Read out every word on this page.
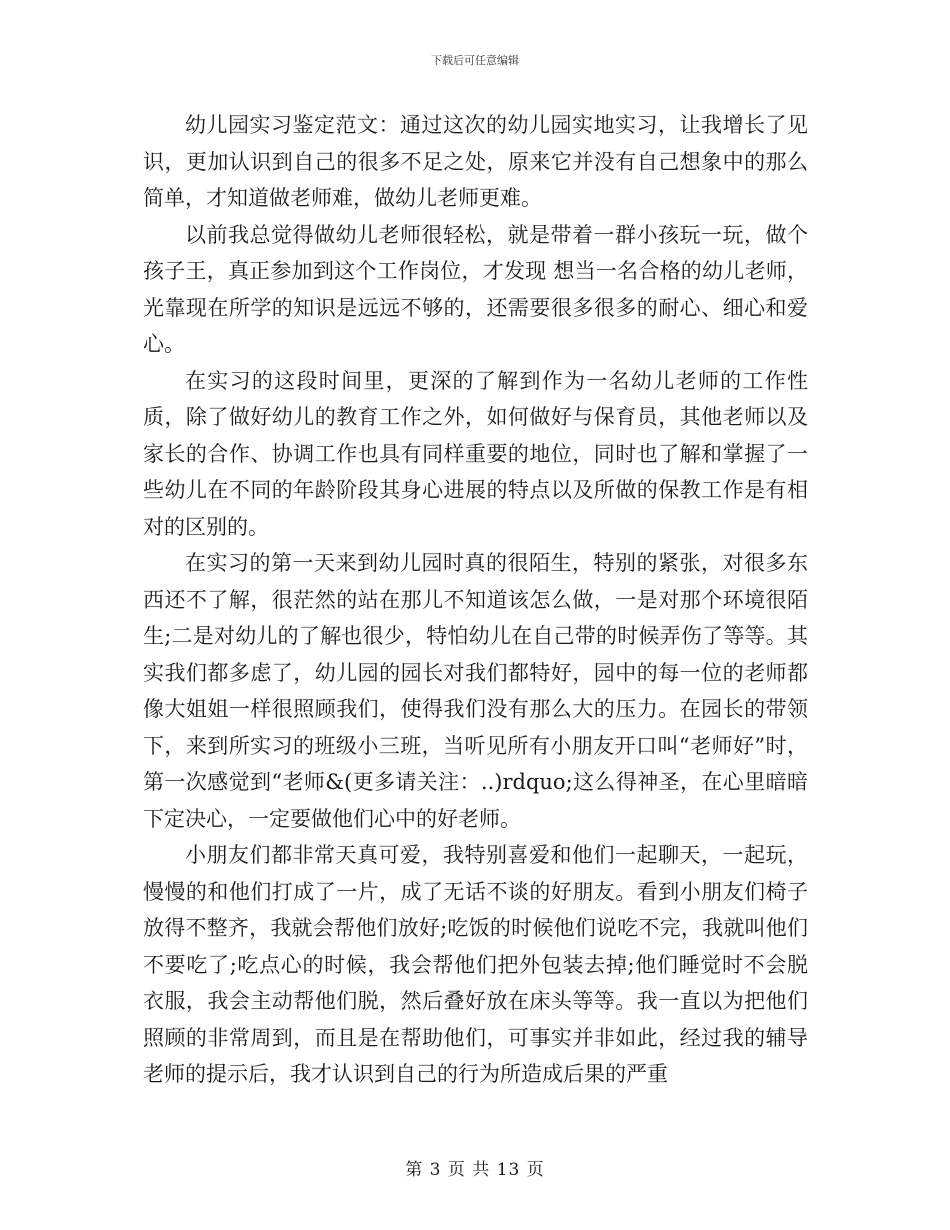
下载后可任意编辑

幼儿园实习鉴定范文：通过这次的幼儿园实地实习，让我增长了见识，更加认识到自己的很多不足之处，原来它并没有自己想象中的那么简单，才知道做老师难，做幼儿老师更难。

以前我总觉得做幼儿老师很轻松，就是带着一群小孩玩一玩，做个孩子王，真正参加到这个工作岗位，才发现 想当一名合格的幼儿老师，光靠现在所学的知识是远远不够的，还需要很多很多的耐心、细心和爱心。

在实习的这段时间里，更深的了解到作为一名幼儿老师的工作性质，除了做好幼儿的教育工作之外，如何做好与保育员，其他老师以及家长的合作、协调工作也具有同样重要的地位，同时也了解和掌握了一些幼儿在不同的年龄阶段其身心进展的特点以及所做的保教工作是有相对的区别的。

在实习的第一天来到幼儿园时真的很陌生，特别的紧张，对很多东西还不了解，很茫然的站在那儿不知道该怎么做，一是对那个环境很陌生;二是对幼儿的了解也很少，特怕幼儿在自己带的时候弄伤了等等。其实我们都多虑了，幼儿园的园长对我们都特好，园中的每一位的老师都像大姐姐一样很照顾我们，使得我们没有那么大的压力。在园长的带领下，来到所实习的班级小三班，当听见所有小朋友开口叫“老师好”时，第一次感觉到“老师&(更多请关注：..)rdquo;这么得神圣，在心里暗暗下定决心，一定要做他们心中的好老师。

小朋友们都非常天真可爱，我特别喜爱和他们一起聊天，一起玩，慢慢的和他们打成了一片，成了无话不谈的好朋友。看到小朋友们椅子放得不整齐，我就会帮他们放好;吃饭的时候他们说吃不完，我就叫他们不要吃了;吃点心的时候，我会帮他们把外包装去掉;他们睡觉时不会脱衣服，我会主动帮他们脱，然后叠好放在床头等等。我一直以为把他们照顾的非常周到，而且是在帮助他们，可事实并非如此，经过我的辅导老师的提示后，我才认识到自己的行为所造成后果的严重

第 3 页 共 13 页
